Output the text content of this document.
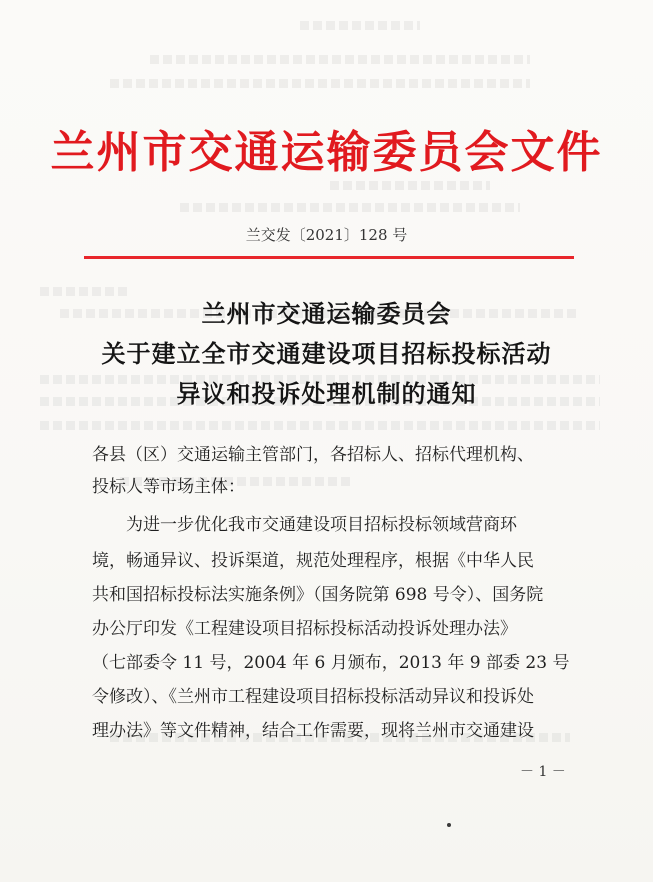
兰州市交通运输委员会文件
兰交发〔2021〕128 号
兰州市交通运输委员会
关于建立全市交通建设项目招标投标活动
异议和投诉处理机制的通知
各县（区）交通运输主管部门，各招标人、招标代理机构、
投标人等市场主体：
　　为进一步优化我市交通建设项目招标投标领域营商环
境，畅通异议、投诉渠道，规范处理程序，根据《中华人民
共和国招标投标法实施条例》（国务院第 698 号令）、国务院
办公厅印发《工程建设项目招标投标活动投诉处理办法》
（七部委令 11 号，2004 年 6 月颁布，2013 年 9 部委 23 号
令修改）、《兰州市工程建设项目招标投标活动异议和投诉处
理办法》等文件精神，结合工作需要，现将兰州市交通建设
－ 1 －
